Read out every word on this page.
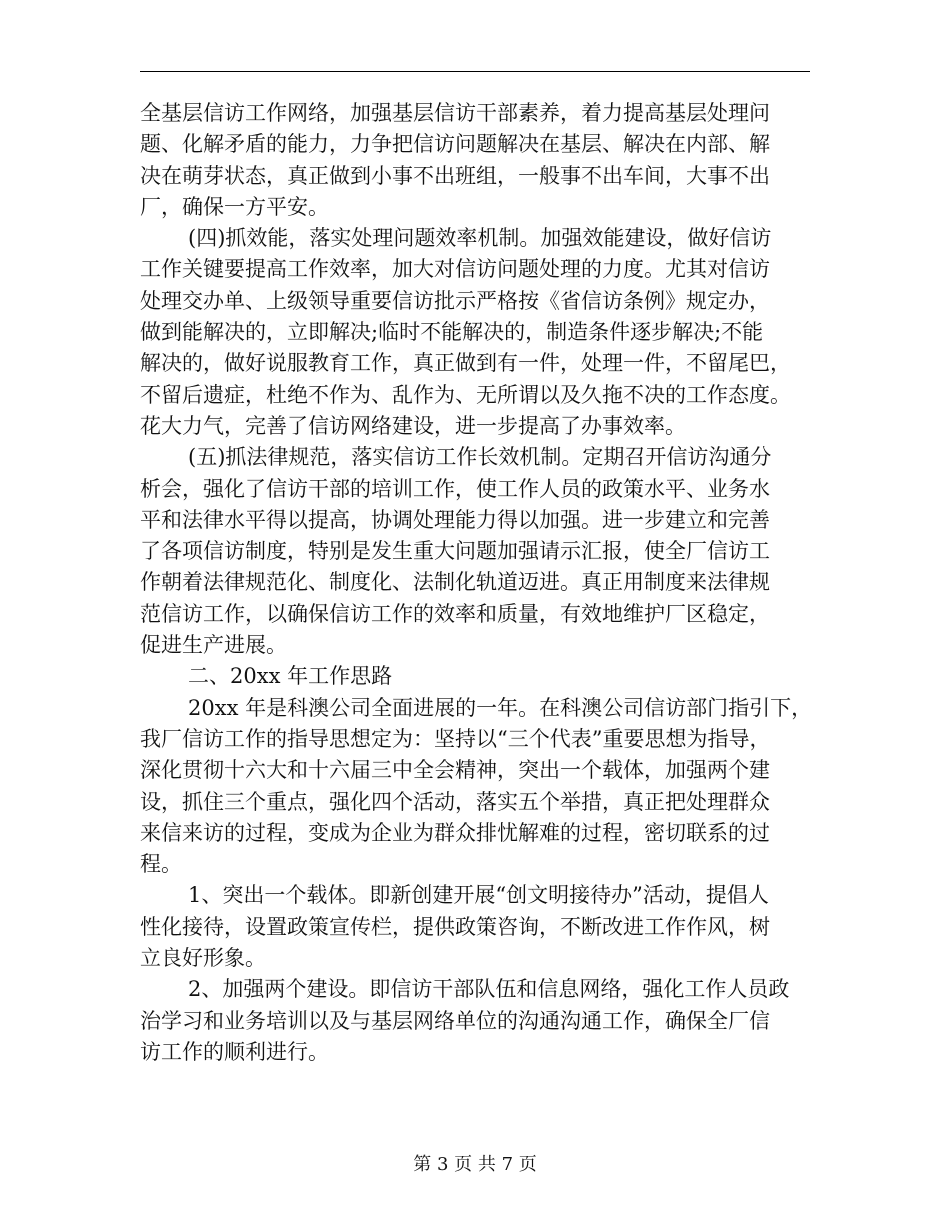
全基层信访工作网络，加强基层信访干部素养，着力提高基层处理问
题、化解矛盾的能力，力争把信访问题解决在基层、解决在内部、解
决在萌芽状态，真正做到小事不出班组，一般事不出车间，大事不出
厂，确保一方平安。
(四)抓效能，落实处理问题效率机制。加强效能建设，做好信访
工作关键要提高工作效率，加大对信访问题处理的力度。尤其对信访
处理交办单、上级领导重要信访批示严格按《省信访条例》规定办，
做到能解决的，立即解决;临时不能解决的，制造条件逐步解决;不能
解决的，做好说服教育工作，真正做到有一件，处理一件，不留尾巴，
不留后遗症，杜绝不作为、乱作为、无所谓以及久拖不决的工作态度。
花大力气，完善了信访网络建设，进一步提高了办事效率。
(五)抓法律规范，落实信访工作长效机制。定期召开信访沟通分
析会，强化了信访干部的培训工作，使工作人员的政策水平、业务水
平和法律水平得以提高，协调处理能力得以加强。进一步建立和完善
了各项信访制度，特别是发生重大问题加强请示汇报，使全厂信访工
作朝着法律规范化、制度化、法制化轨道迈进。真正用制度来法律规
范信访工作，以确保信访工作的效率和质量，有效地维护厂区稳定，
促进生产进展。
二、20xx 年工作思路
20xx 年是科澳公司全面进展的一年。在科澳公司信访部门指引下，
我厂信访工作的指导思想定为：坚持以“三个代表”重要思想为指导，
深化贯彻十六大和十六届三中全会精神，突出一个载体，加强两个建
设，抓住三个重点，强化四个活动，落实五个举措，真正把处理群众
来信来访的过程，变成为企业为群众排忧解难的过程，密切联系的过
程。
1、突出一个载体。即新创建开展“创文明接待办”活动，提倡人
性化接待，设置政策宣传栏，提供政策咨询，不断改进工作作风，树
立良好形象。
2、加强两个建设。即信访干部队伍和信息网络，强化工作人员政
治学习和业务培训以及与基层网络单位的沟通沟通工作，确保全厂信
访工作的顺利进行。
第 3 页 共 7 页
